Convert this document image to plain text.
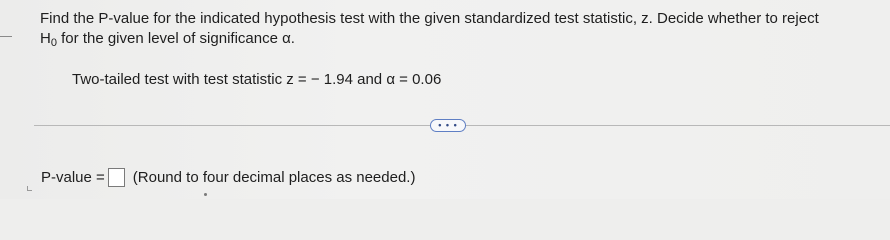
Find the P-value for the indicated hypothesis test with the given standardized test statistic, z. Decide whether to reject
$H_0$ for the given level of significance α.
Two-tailed test with test statistic z = − 1.94 and α = 0.06
• • •
P-value = (Round to four decimal places as needed.)
